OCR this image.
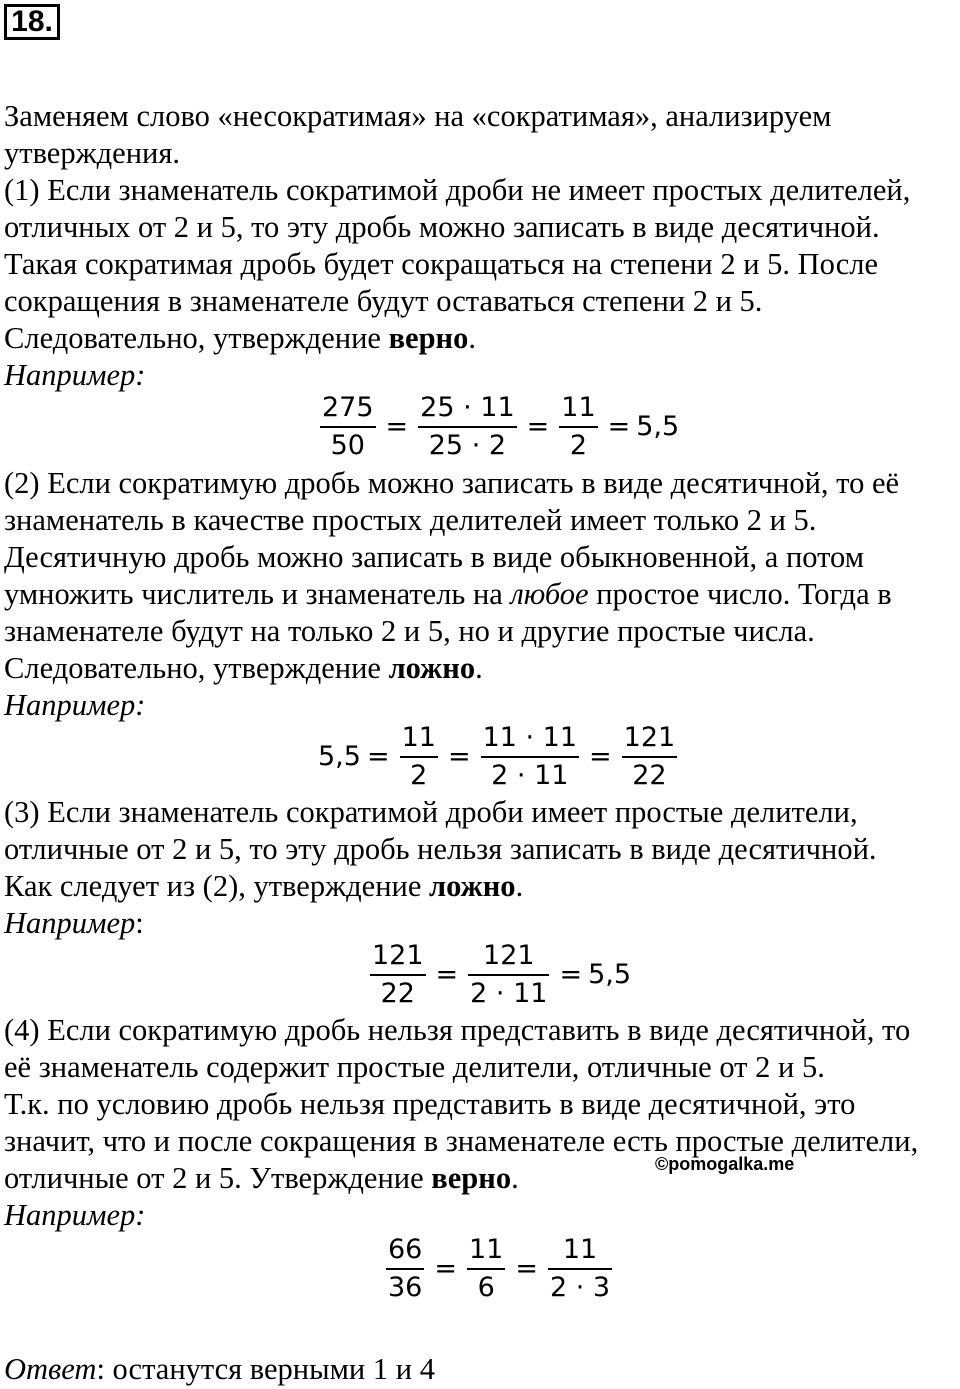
18.
Заменяем слово «несократимая» на «сократимая», анализируем
утверждения.
(1) Если знаменатель сократимой дроби не имеет простых делителей,
отличных от 2 и 5, то эту дробь можно записать в виде десятичной.
Такая сократимая дробь будет сокращаться на степени 2 и 5. После
сокращения в знаменателе будут оставаться степени 2 и 5.
Следовательно, утверждение верно.
Например:
$\frac{275}{50} = \frac{25 \cdot 11}{25 \cdot 2} = \frac{11}{2} = 5,5$
(2) Если сократимую дробь можно записать в виде десятичной, то её
знаменатель в качестве простых делителей имеет только 2 и 5.
Десятичную дробь можно записать в виде обыкновенной, а потом
умножить числитель и знаменатель на любое простое число. Тогда в
знаменателе будут на только 2 и 5, но и другие простые числа.
Следовательно, утверждение ложно.
Например:
$5,5 = \frac{11}{2} = \frac{11 \cdot 11}{2 \cdot 11} = \frac{121}{22}$
(3) Если знаменатель сократимой дроби имеет простые делители,
отличные от 2 и 5, то эту дробь нельзя записать в виде десятичной.
Как следует из (2), утверждение ложно.
Например:
$\frac{121}{22} = \frac{121}{2 \cdot 11} = 5,5$
(4) Если сократимую дробь нельзя представить в виде десятичной, то
её знаменатель содержит простые делители, отличные от 2 и 5.
Т.к. по условию дробь нельзя представить в виде десятичной, это
значит, что и после сокращения в знаменателе есть простые делители,
отличные от 2 и 5. Утверждение верно.	©pomogalka.me
Например:
$\frac{66}{36} = \frac{11}{6} = \frac{11}{2 \cdot 3}$
Ответ: останутся верными 1 и 4
